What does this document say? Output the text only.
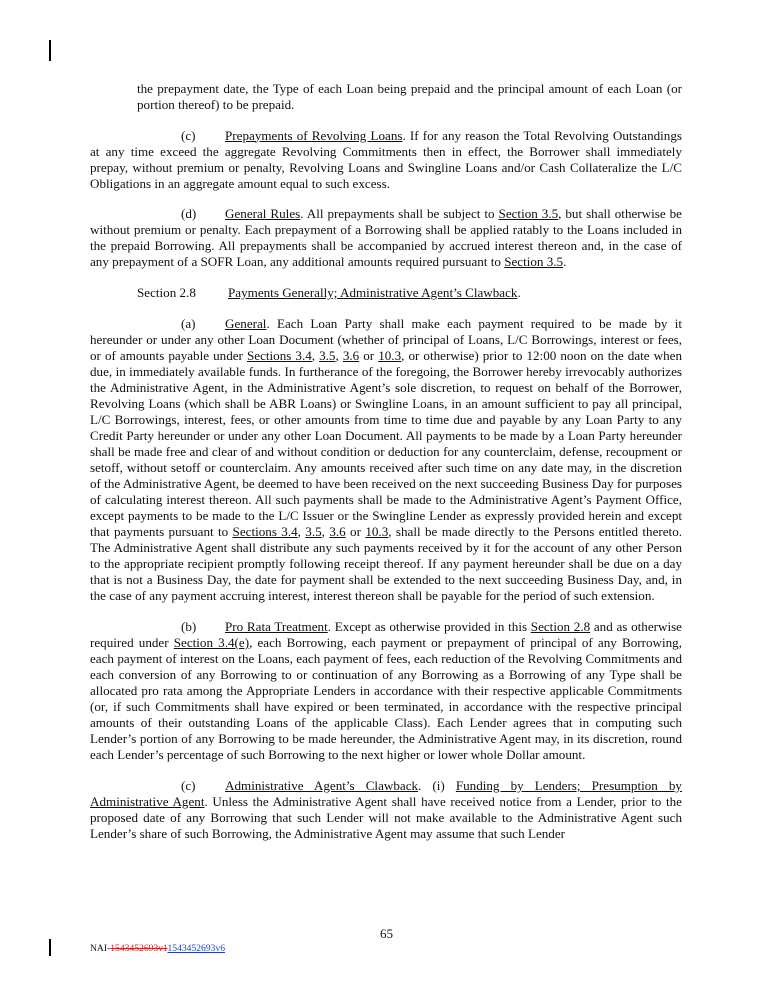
the prepayment date, the Type of each Loan being prepaid and the principal amount of each Loan (or portion thereof) to be prepaid.

(c) Prepayments of Revolving Loans. If for any reason the Total Revolving Outstandings at any time exceed the aggregate Revolving Commitments then in effect, the Borrower shall immediately prepay, without premium or penalty, Revolving Loans and Swingline Loans and/or Cash Collateralize the L/C Obligations in an aggregate amount equal to such excess.

(d) General Rules. All prepayments shall be subject to Section 3.5, but shall otherwise be without premium or penalty. Each prepayment of a Borrowing shall be applied ratably to the Loans included in the prepaid Borrowing. All prepayments shall be accompanied by accrued interest thereon and, in the case of any prepayment of a SOFR Loan, any additional amounts required pursuant to Section 3.5.

Section 2.8 Payments Generally; Administrative Agent’s Clawback.

(a) General. Each Loan Party shall make each payment required to be made by it hereunder or under any other Loan Document (whether of principal of Loans, L/C Borrowings, interest or fees, or of amounts payable under Sections 3.4, 3.5, 3.6 or 10.3, or otherwise) prior to 12:00 noon on the date when due, in immediately available funds. In furtherance of the foregoing, the Borrower hereby irrevocably authorizes the Administrative Agent, in the Administrative Agent’s sole discretion, to request on behalf of the Borrower, Revolving Loans (which shall be ABR Loans) or Swingline Loans, in an amount sufficient to pay all principal, L/C Borrowings, interest, fees, or other amounts from time to time due and payable by any Loan Party to any Credit Party hereunder or under any other Loan Document. All payments to be made by a Loan Party hereunder shall be made free and clear of and without condition or deduction for any counterclaim, defense, recoupment or setoff, without setoff or counterclaim. Any amounts received after such time on any date may, in the discretion of the Administrative Agent, be deemed to have been received on the next succeeding Business Day for purposes of calculating interest thereon. All such payments shall be made to the Administrative Agent’s Payment Office, except payments to be made to the L/C Issuer or the Swingline Lender as expressly provided herein and except that payments pursuant to Sections 3.4, 3.5, 3.6 or 10.3, shall be made directly to the Persons entitled thereto. The Administrative Agent shall distribute any such payments received by it for the account of any other Person to the appropriate recipient promptly following receipt thereof. If any payment hereunder shall be due on a day that is not a Business Day, the date for payment shall be extended to the next succeeding Business Day, and, in the case of any payment accruing interest, interest thereon shall be payable for the period of such extension.

(b) Pro Rata Treatment. Except as otherwise provided in this Section 2.8 and as otherwise required under Section 3.4(e), each Borrowing, each payment or prepayment of principal of any Borrowing, each payment of interest on the Loans, each payment of fees, each reduction of the Revolving Commitments and each conversion of any Borrowing to or continuation of any Borrowing as a Borrowing of any Type shall be allocated pro rata among the Appropriate Lenders in accordance with their respective applicable Commitments (or, if such Commitments shall have expired or been terminated, in accordance with the respective principal amounts of their outstanding Loans of the applicable Class). Each Lender agrees that in computing such Lender’s portion of any Borrowing to be made hereunder, the Administrative Agent may, in its discretion, round each Lender’s percentage of such Borrowing to the next higher or lower whole Dollar amount.

(c) Administrative Agent’s Clawback. (i) Funding by Lenders; Presumption by Administrative Agent. Unless the Administrative Agent shall have received notice from a Lender, prior to the proposed date of any Borrowing that such Lender will not make available to the Administrative Agent such Lender’s share of such Borrowing, the Administrative Agent may assume that such Lender

65
NAI-1543452693v11543452693v6
